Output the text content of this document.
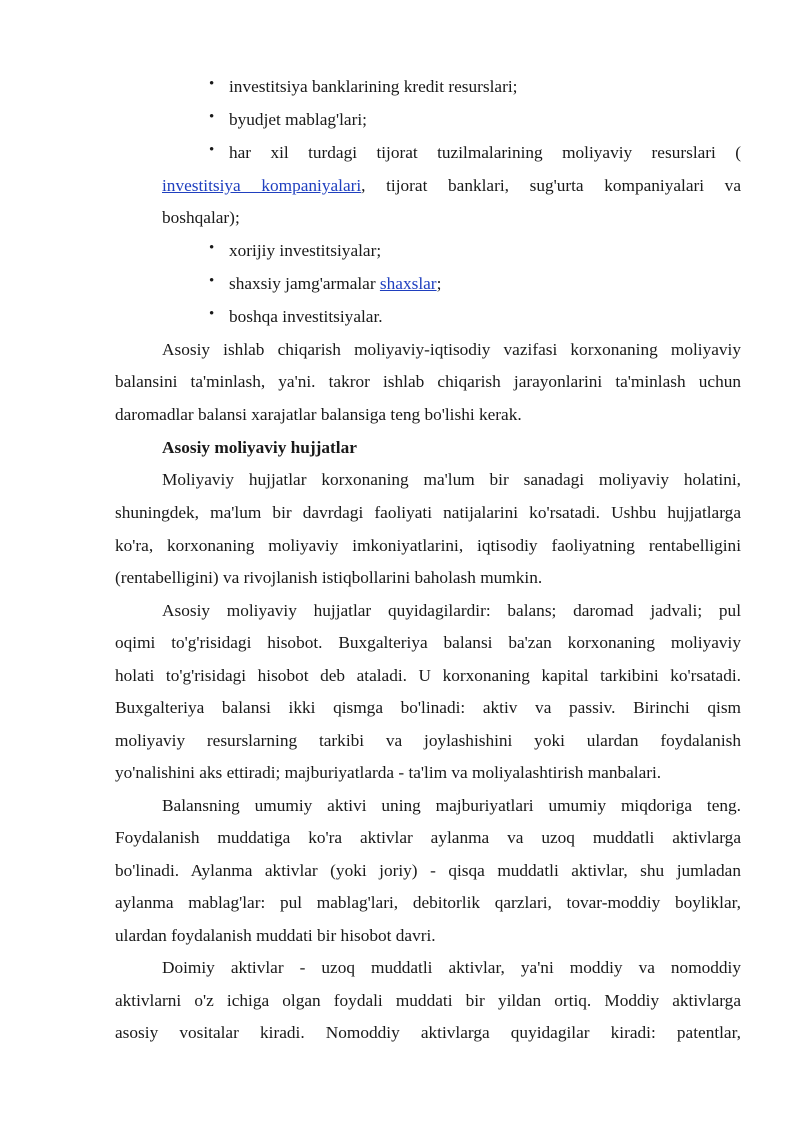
• investitsiya banklarining kredit resurslari;
• byudjet mablag'lari;
• har xil turdagi tijorat tuzilmalarining moliyaviy resurslari (
investitsiya kompaniyalari, tijorat banklari, sug'urta kompaniyalari va
boshqalar);
• xorijiy investitsiyalar;
• shaxsiy jamg'armalar shaxslar;
• boshqa investitsiyalar.
Asosiy ishlab chiqarish moliyaviy-iqtisodiy vazifasi korxonaning moliyaviy
balansini ta'minlash, ya'ni. takror ishlab chiqarish jarayonlarini ta'minlash uchun
daromadlar balansi xarajatlar balansiga teng bo'lishi kerak.
Asosiy moliyaviy hujjatlar
Moliyaviy hujjatlar korxonaning ma'lum bir sanadagi moliyaviy holatini,
shuningdek, ma'lum bir davrdagi faoliyati natijalarini ko'rsatadi. Ushbu hujjatlarga
ko'ra, korxonaning moliyaviy imkoniyatlarini, iqtisodiy faoliyatning rentabelligini
(rentabelligini) va rivojlanish istiqbollarini baholash mumkin.
Asosiy moliyaviy hujjatlar quyidagilardir: balans; daromad jadvali; pul
oqimi to'g'risidagi hisobot. Buxgalteriya balansi ba'zan korxonaning moliyaviy
holati to'g'risidagi hisobot deb ataladi. U korxonaning kapital tarkibini ko'rsatadi.
Buxgalteriya balansi ikki qismga bo'linadi: aktiv va passiv. Birinchi qism
moliyaviy resurslarning tarkibi va joylashishini yoki ulardan foydalanish
yo'nalishini aks ettiradi; majburiyatlarda - ta'lim va moliyalashtirish manbalari.
Balansning umumiy aktivi uning majburiyatlari umumiy miqdoriga teng.
Foydalanish muddatiga ko'ra aktivlar aylanma va uzoq muddatli aktivlarga
bo'linadi. Aylanma aktivlar (yoki joriy) - qisqa muddatli aktivlar, shu jumladan
aylanma mablag'lar: pul mablag'lari, debitorlik qarzlari, tovar-moddiy boyliklar,
ulardan foydalanish muddati bir hisobot davri.
Doimiy aktivlar - uzoq muddatli aktivlar, ya'ni moddiy va nomoddiy
aktivlarni o'z ichiga olgan foydali muddati bir yildan ortiq. Moddiy aktivlarga
asosiy vositalar kiradi. Nomoddiy aktivlarga quyidagilar kiradi: patentlar,
